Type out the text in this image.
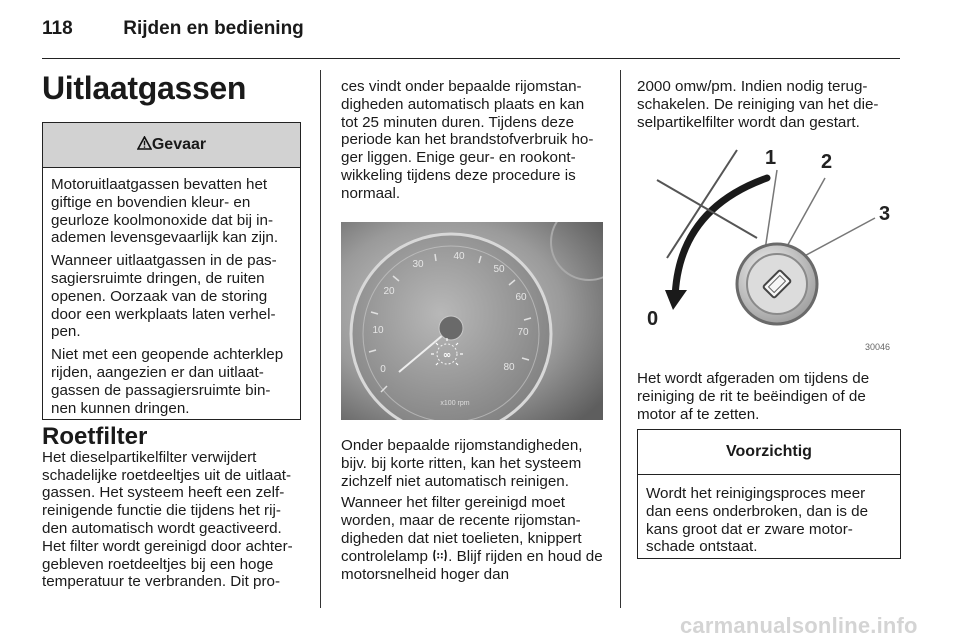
118	Rijden en bediening
Uitlaatgassen
Gevaar

Motoruitlaatgassen bevatten het giftige en bovendien kleur- en geurloze koolmonoxide dat bij in-ademen levensgevaarlijk kan zijn.

Wanneer uitlaatgassen in de pas-sagiersruimte dringen, de ruiten openen. Oorzaak van de storing door een werkplaats laten verhel-pen.

Niet met een geopende achterklep rijden, aangezien er dan uitlaat-gassen de passagiersruimte bin-nen kunnen dringen.

Roetfilter

Het dieselpartikelfilter verwijdert schadelijke roetdeeltjes uit de uitlaat-gassen. Het systeem heeft een zelf-reinigende functie die tijdens het rij-den automatisch wordt geactiveerd. Het filter wordt gereinigd door achter-gebleven roetdeeltjes bij een hoge temperatuur te verbranden. Dit pro-

ces vindt onder bepaalde rijomstan-digheden automatisch plaats en kan tot 25 minuten duren. Tijdens deze periode kan het brandstofverbruik ho-ger liggen. Enige geur- en rookont-wikkeling tijdens deze procedure is normaal.

0
10
20
30
40
50
60
70
80
∞
x100 rpm

Onder bepaalde rijomstandigheden, bijv. bij korte ritten, kan het systeem zichzelf niet automatisch reinigen.

Wanneer het filter gereinigd moet worden, maar de recente rijomstan-digheden dat niet toelieten, knippert controlelamp . Blijf rijden en houd de motorsnelheid hoger dan

2000 omw/pm. Indien nodig terug-schakelen. De reiniging van het die-selpartikelfilter wordt dan gestart.

0
1 2
3
30046

Het wordt afgeraden om tijdens de reiniging de rit te beëindigen of de motor af te zetten.

Voorzichtig

Wordt het reinigingsproces meer dan eens onderbroken, dan is de kans groot dat er zware motor-schade ontstaat.

carmanualsonline.info
